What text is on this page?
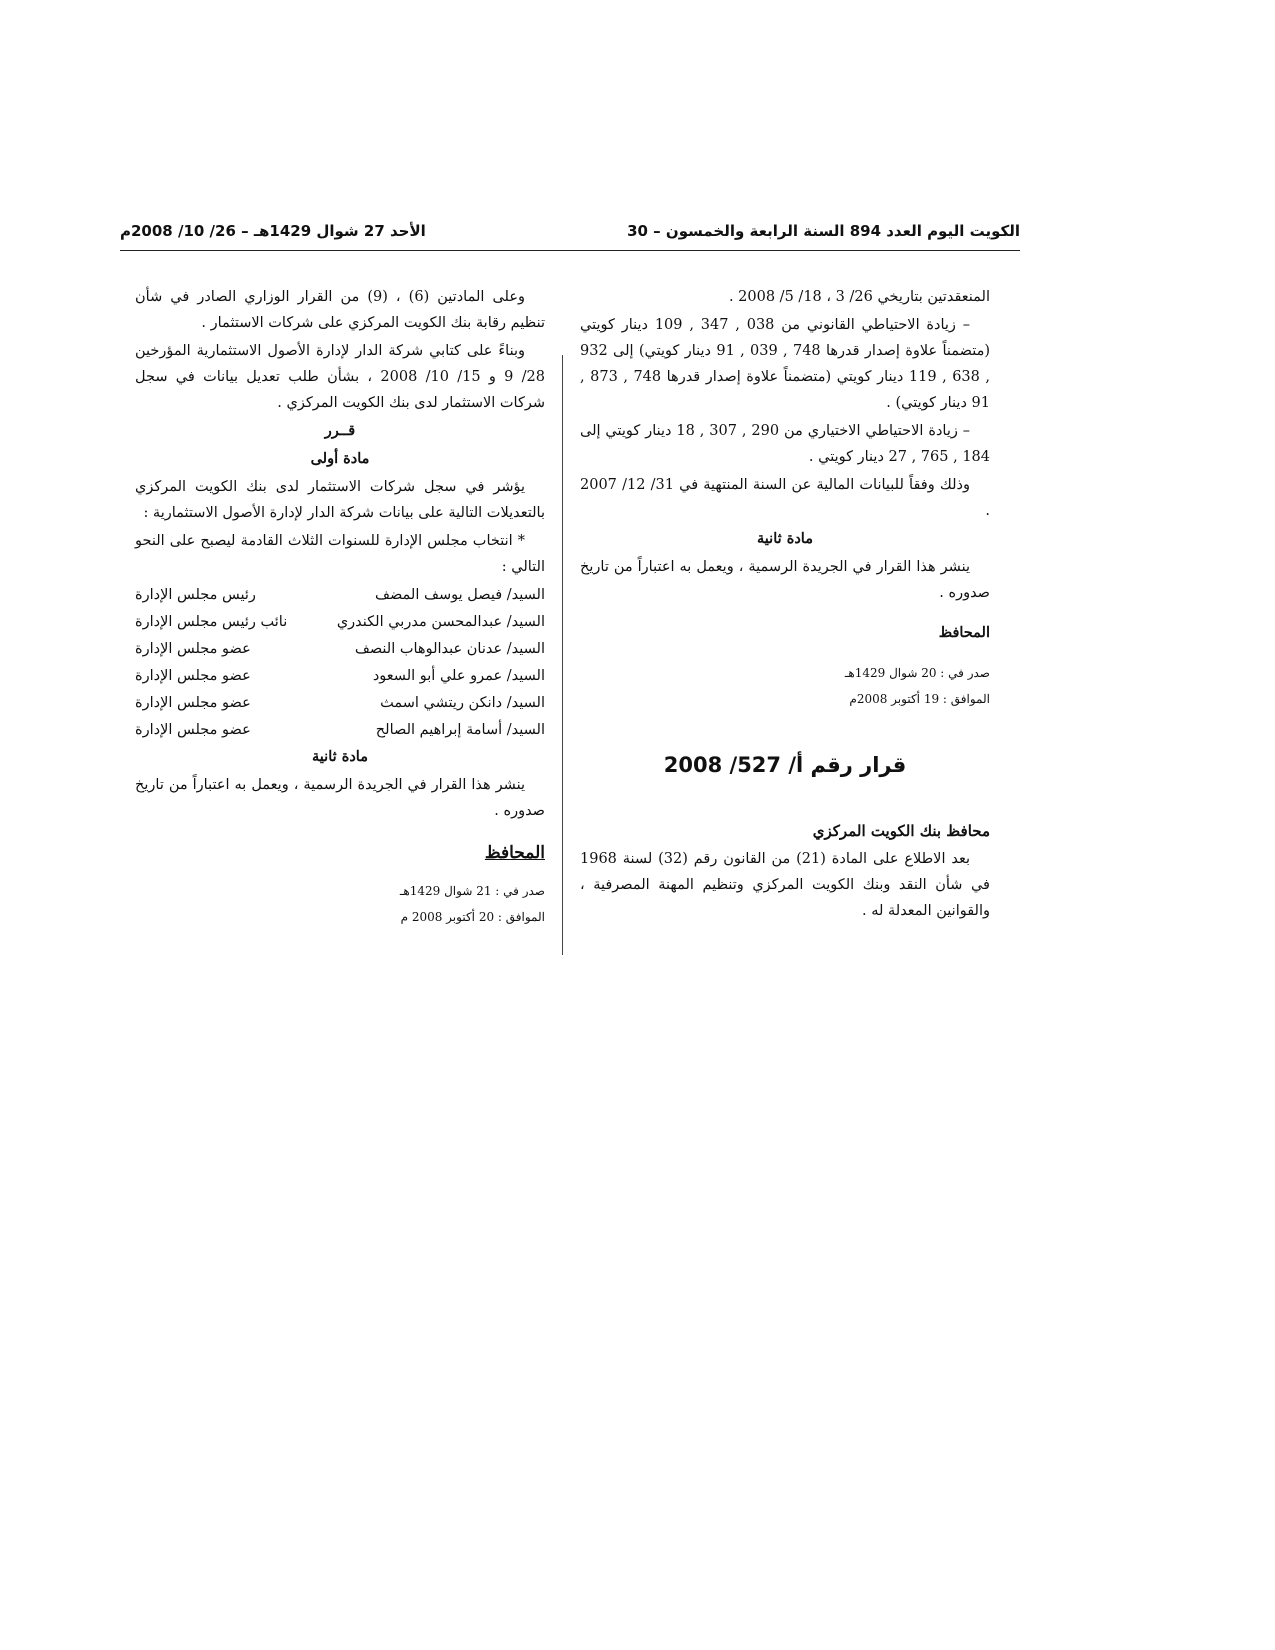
الكويت اليوم العدد 894 السنة الرابعة والخمسون – 30
الأحد 27 شوال 1429هـ – 26/ 10/ 2008م

المنعقدتين بتاريخي 26/ 3 ، 18/ 5/ 2008 .

– زيادة الاحتياطي القانوني من 038 , 347 , 109 دينار كويتي (متضمناً علاوة إصدار قدرها 748 , 039 , 91 دينار كويتي) إلى 932 , 638 , 119 دينار كويتي (متضمناً علاوة إصدار قدرها 748 , 873 , 91 دينار كويتي) .

– زيادة الاحتياطي الاختياري من 290 , 307 , 18 دينار كويتي إلى 184 , 765 , 27 دينار كويتي .

وذلك وفقاً للبيانات المالية عن السنة المنتهية في 31/ 12/ 2007 .

مادة ثانية

ينشر هذا القرار في الجريدة الرسمية ، ويعمل به اعتباراً من تاريخ صدوره .

المحافظ

صدر في : 20 شوال 1429هـ

الموافق : 19 أكتوبر 2008م

قرار رقم أ/ 527/ 2008

محافظ بنك الكويت المركزي

بعد الاطلاع على المادة (21) من القانون رقم (32) لسنة 1968 في شأن النقد وبنك الكويت المركزي وتنظيم المهنة المصرفية ، والقوانين المعدلة له .

وعلى المادتين (6) ، (9) من القرار الوزاري الصادر في شأن تنظيم رقابة بنك الكويت المركزي على شركات الاستثمار .

وبناءً على كتابي شركة الدار لإدارة الأصول الاستثمارية المؤرخين 28/ 9 و 15/ 10/ 2008 ، بشأن طلب تعديل بيانات في سجل شركات الاستثمار لدى بنك الكويت المركزي .

قــرر

مادة أولى

يؤشر في سجل شركات الاستثمار لدى بنك الكويت المركزي بالتعديلات التالية على بيانات شركة الدار لإدارة الأصول الاستثمارية :

* انتخاب مجلس الإدارة للسنوات الثلاث القادمة ليصبح على النحو التالي :

السيد/ فيصل يوسف المضف
رئيس مجلس الإدارة
السيد/ عبدالمحسن مدربي الكندري
نائب رئيس مجلس الإدارة
السيد/ عدنان عبدالوهاب النصف
عضو مجلس الإدارة
السيد/ عمرو علي أبو السعود
عضو مجلس الإدارة
السيد/ دانكن ريتشي اسمث
عضو مجلس الإدارة
السيد/ أسامة إبراهيم الصالح
عضو مجلس الإدارة

مادة ثانية

ينشر هذا القرار في الجريدة الرسمية ، ويعمل به اعتباراً من تاريخ صدوره .

المحافظ

صدر في : 21 شوال 1429هـ

الموافق : 20 أكتوبر 2008 م
